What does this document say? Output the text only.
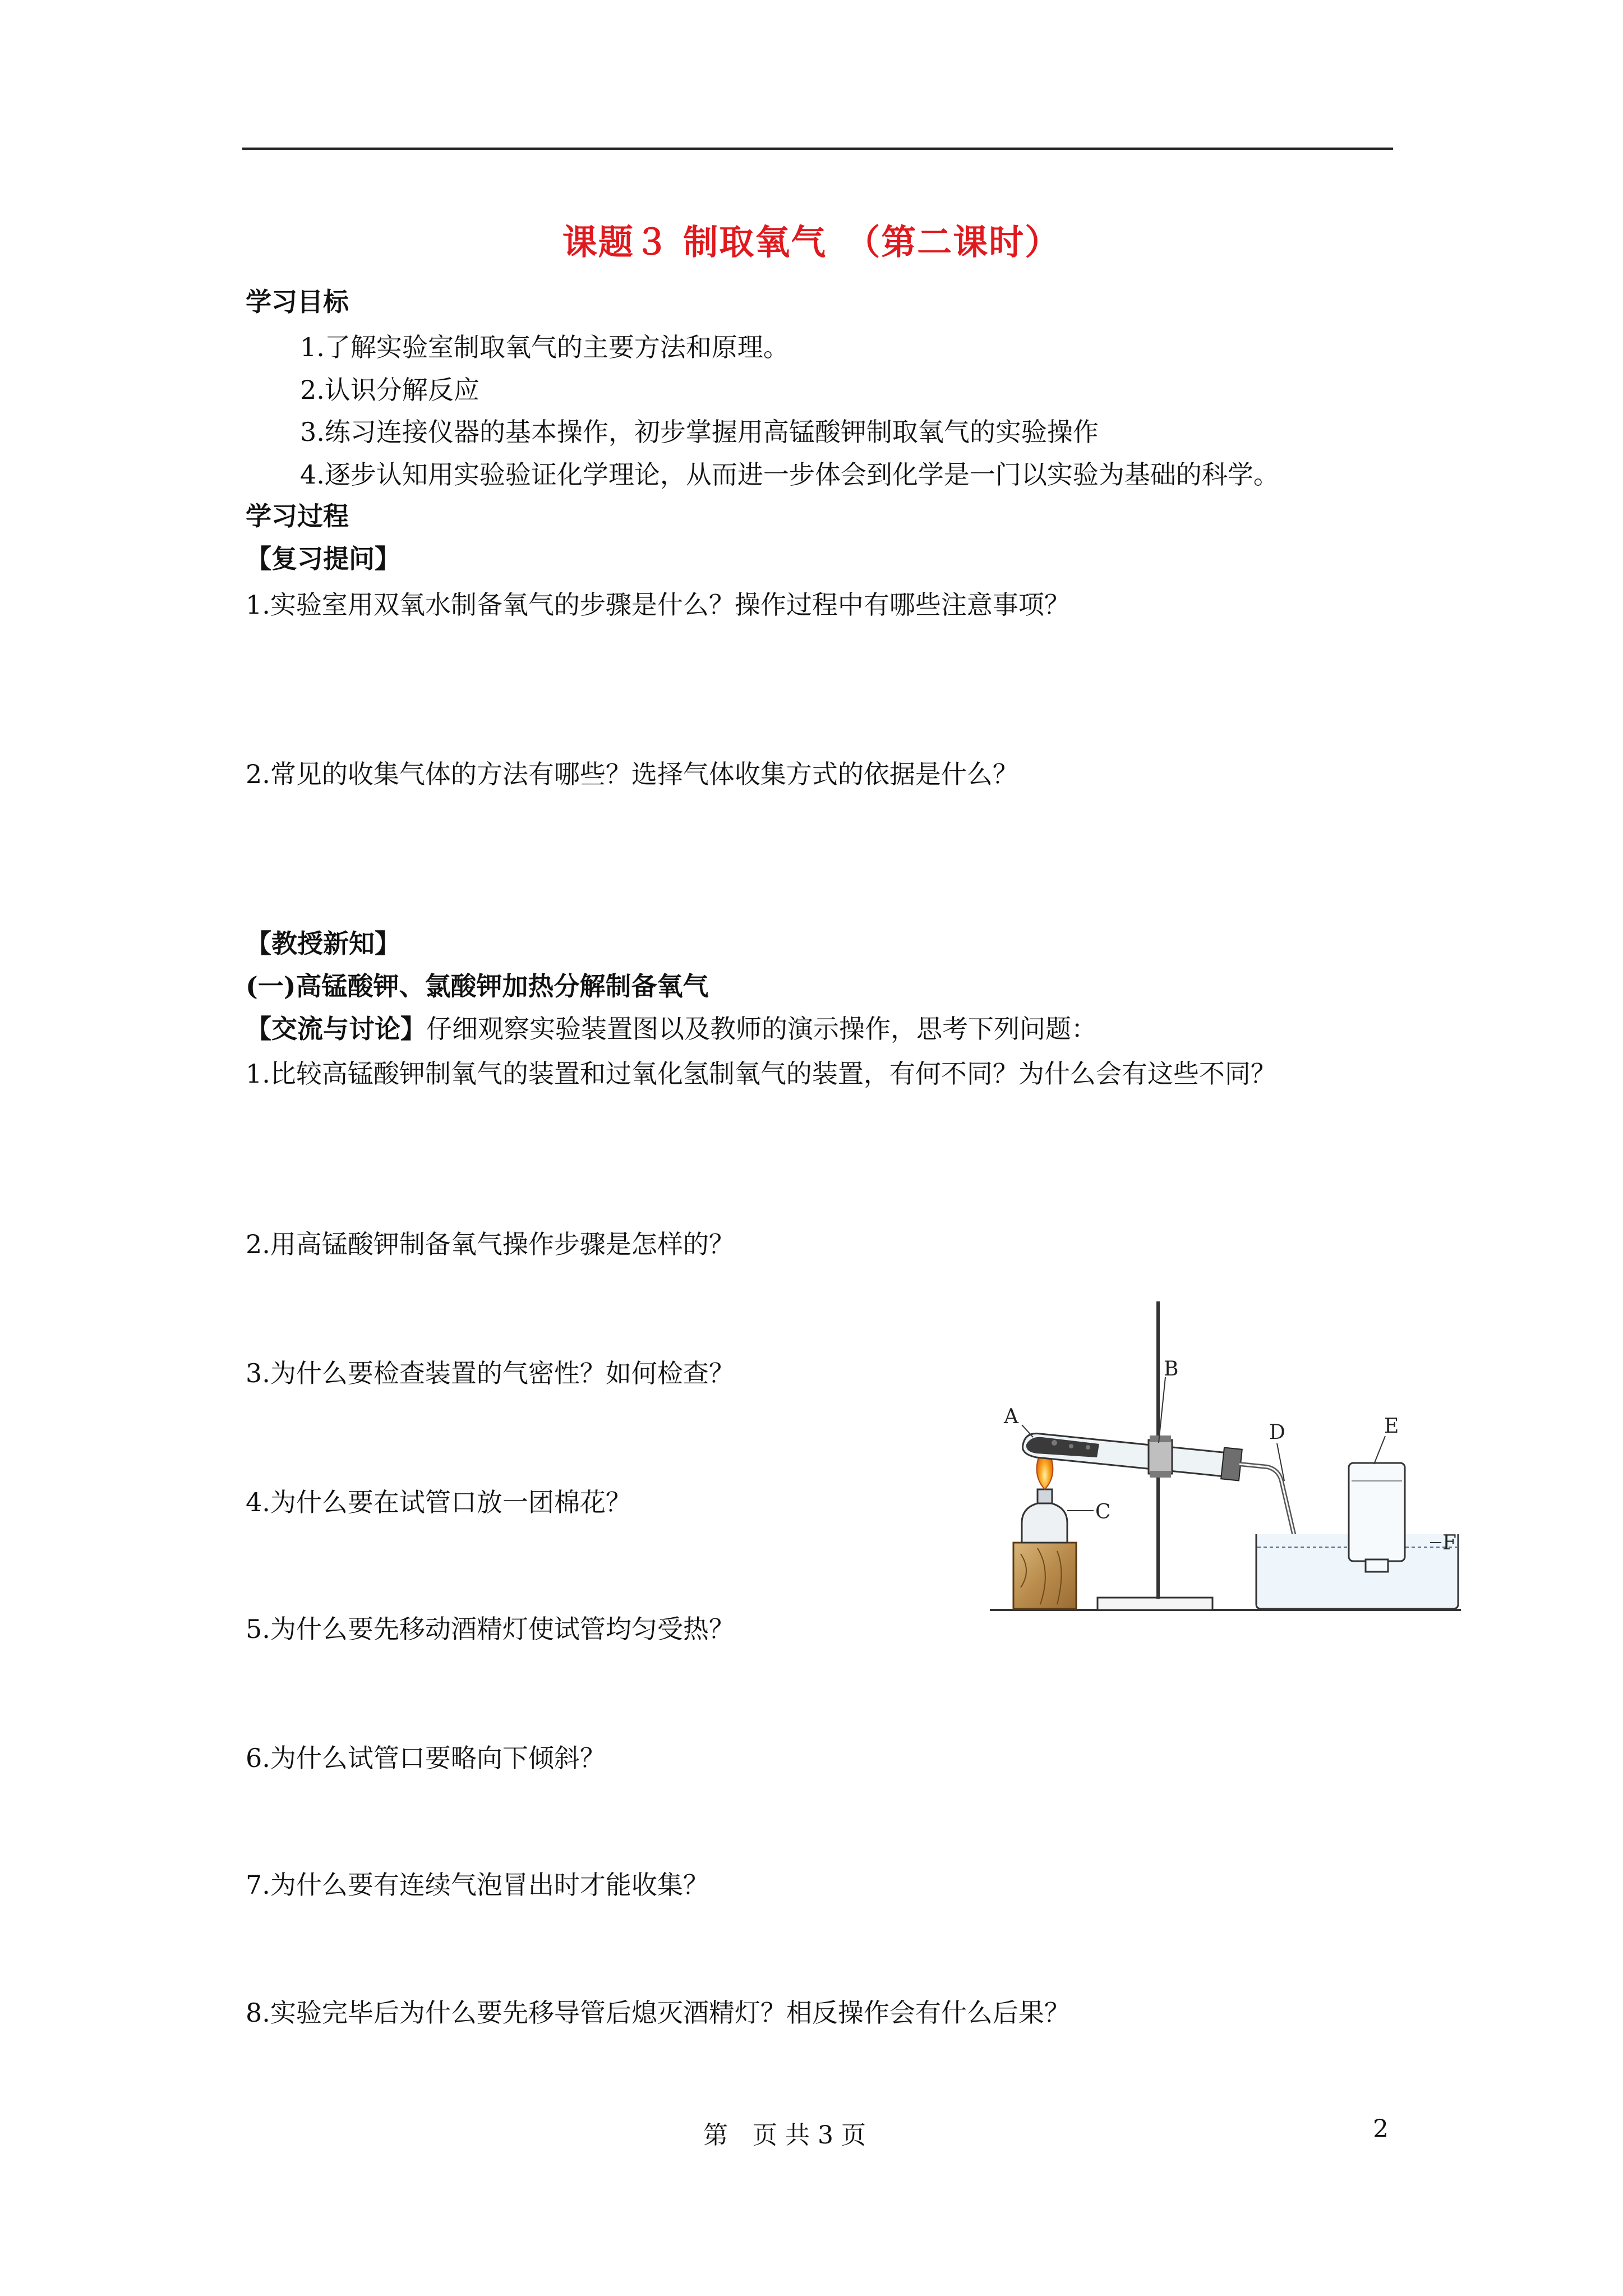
课题３ 制取氧气　（第二课时）
学习目标
1.了解实验室制取氧气的主要方法和原理。
2.认识分解反应
3.练习连接仪器的基本操作，初步掌握用高锰酸钾制取氧气的实验操作
4.逐步认知用实验验证化学理论，从而进一步体会到化学是一门以实验为基础的科学。
学习过程
【复习提问】
1.实验室用双氧水制备氧气的步骤是什么？操作过程中有哪些注意事项？
2.常见的收集气体的方法有哪些？选择气体收集方式的依据是什么？
【教授新知】
(一)高锰酸钾、氯酸钾加热分解制备氧气
【交流与讨论】仔细观察实验装置图以及教师的演示操作，思考下列问题：
1.比较高锰酸钾制氧气的装置和过氧化氢制氧气的装置，有何不同？为什么会有这些不同？
2.用高锰酸钾制备氧气操作步骤是怎样的？
3.为什么要检查装置的气密性？如何检查？
4.为什么要在试管口放一团棉花？
5.为什么要先移动酒精灯使试管均匀受热？
6.为什么试管口要略向下倾斜？
7.为什么要有连续气泡冒出时才能收集？
8.实验完毕后为什么要先移导管后熄灭酒精灯？相反操作会有什么后果？
A
B
C
D	E
F
第　页 共 3 页	2
